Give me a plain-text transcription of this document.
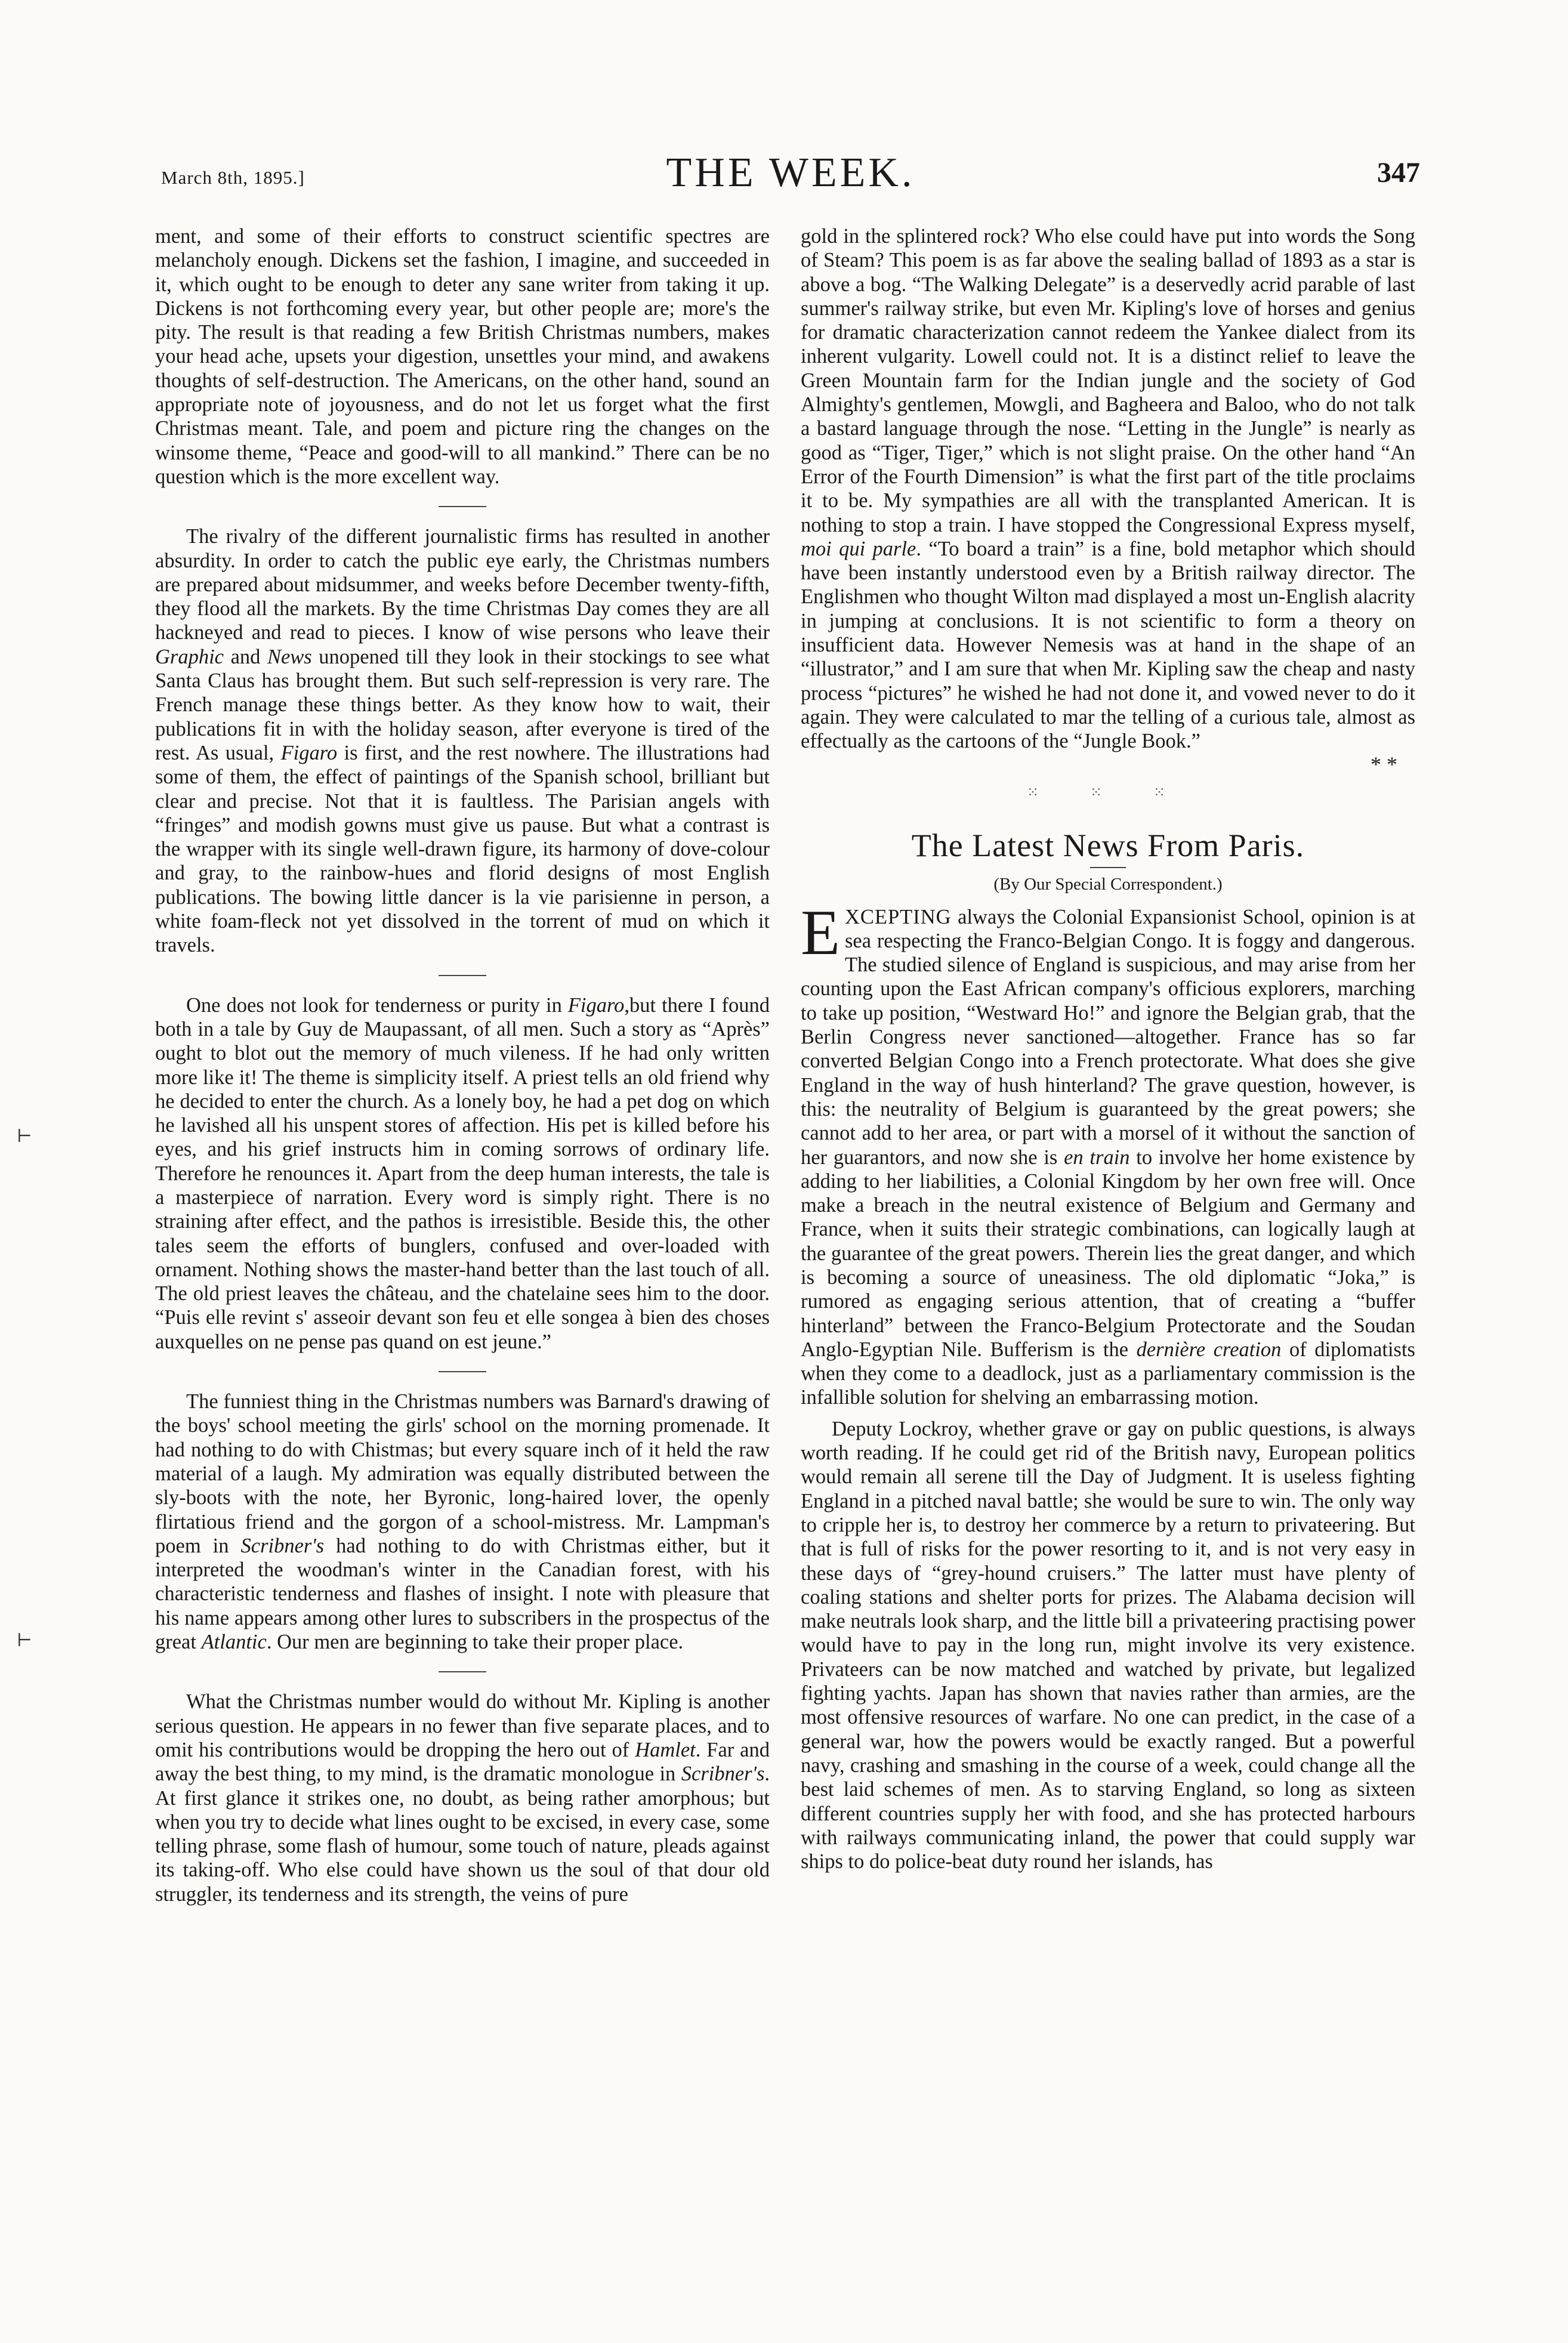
March 8th, 1895.]	THE WEEK.	347
⊢
⊢

ment, and some of their efforts to construct scientific spectres are melancholy enough. Dickens set the fashion, I imagine, and succeeded in it, which ought to be enough to deter any sane writer from taking it up. Dickens is not forthcoming every year, but other people are; more's the pity. The result is that reading a few British Christmas numbers, makes your head ache, upsets your digestion, unsettles your mind, and awakens thoughts of self-destruction. The Americans, on the other hand, sound an appropriate note of joyousness, and do not let us forget what the first Christmas meant. Tale, and poem and picture ring the changes on the winsome theme, “Peace and good-will to all mankind.” There can be no question which is the more excellent way.

The rivalry of the different journalistic firms has resulted in another absurdity. In order to catch the public eye early, the Christmas numbers are prepared about midsummer, and weeks before December twenty-fifth, they flood all the markets. By the time Christmas Day comes they are all hackneyed and read to pieces. I know of wise persons who leave their Graphic and News unopened till they look in their stockings to see what Santa Claus has brought them. But such self-repression is very rare. The French manage these things better. As they know how to wait, their publications fit in with the holiday season, after everyone is tired of the rest. As usual, Figaro is first, and the rest nowhere. The illustrations had some of them, the effect of paintings of the Spanish school, brilliant but clear and precise. Not that it is faultless. The Parisian angels with “fringes” and modish gowns must give us pause. But what a contrast is the wrapper with its single well-drawn figure, its harmony of dove-colour and gray, to the rainbow-hues and florid designs of most English publications. The bowing little dancer is la vie parisienne in person, a white foam-fleck not yet dissolved in the torrent of mud on which it travels.

One does not look for tenderness or purity in Figaro,but there I found both in a tale by Guy de Maupassant, of all men. Such a story as “Après” ought to blot out the memory of much vileness. If he had only written more like it! The theme is simplicity itself. A priest tells an old friend why he decided to enter the church. As a lonely boy, he had a pet dog on which he lavished all his unspent stores of affection. His pet is killed before his eyes, and his grief instructs him in coming sorrows of ordinary life. Therefore he renounces it. Apart from the deep human interests, the tale is a masterpiece of narration. Every word is simply right. There is no straining after effect, and the pathos is irresistible. Beside this, the other tales seem the efforts of bunglers, confused and over-loaded with ornament. Nothing shows the master-hand better than the last touch of all. The old priest leaves the château, and the chatelaine sees him to the door. “Puis elle revint s' asseoir devant son feu et elle songea à bien des choses auxquelles on ne pense pas quand on est jeune.”

The funniest thing in the Christmas numbers was Barnard's drawing of the boys' school meeting the girls' school on the morning promenade. It had nothing to do with Chistmas; but every square inch of it held the raw material of a laugh. My admiration was equally distributed between the sly-boots with the note, her Byronic, long-haired lover, the openly flirtatious friend and the gorgon of a school-mistress. Mr. Lampman's poem in Scribner's had nothing to do with Christmas either, but it interpreted the woodman's winter in the Canadian forest, with his characteristic tenderness and flashes of insight. I note with pleasure that his name appears among other lures to subscribers in the prospectus of the great Atlantic. Our men are beginning to take their proper place.

What the Christmas number would do without Mr. Kipling is another serious question. He appears in no fewer than five separate places, and to omit his contributions would be dropping the hero out of Hamlet. Far and away the best thing, to my mind, is the dramatic monologue in Scribner's. At first glance it strikes one, no doubt, as being rather amorphous; but when you try to decide what lines ought to be excised, in every case, some telling phrase, some flash of humour, some touch of nature, pleads against its taking-off. Who else could have shown us the soul of that dour old struggler, its tenderness and its strength, the veins of pure

gold in the splintered rock? Who else could have put into words the Song of Steam? This poem is as far above the sealing ballad of 1893 as a star is above a bog. “The Walking Delegate” is a deservedly acrid parable of last summer's railway strike, but even Mr. Kipling's love of horses and genius for dramatic characterization cannot redeem the Yankee dialect from its inherent vulgarity. Lowell could not. It is a distinct relief to leave the Green Mountain farm for the Indian jungle and the society of God Almighty's gentlemen, Mowgli, and Bagheera and Baloo, who do not talk a bastard language through the nose. “Letting in the Jungle” is nearly as good as “Tiger, Tiger,” which is not slight praise. On the other hand “An Error of the Fourth Dimension” is what the first part of the title proclaims it to be. My sympathies are all with the transplanted American. It is nothing to stop a train. I have stopped the Congressional Express myself, moi qui parle. “To board a train” is a fine, bold metaphor which should have been instantly understood even by a British railway director. The Englishmen who thought Wilton mad displayed a most un-English alacrity in jumping at conclusions. It is not scientific to form a theory on insufficient data. However Nemesis was at hand in the shape of an “illustrator,” and I am sure that when Mr. Kipling saw the cheap and nasty process “pictures” he wished he had not done it, and vowed never to do it again. They were calculated to mar the telling of a curious tale, almost as effectually as the cartoons of the “Jungle Book.”

* *
⁙ ⁙ ⁙
The Latest News From Paris.
(By Our Special Correspondent.)

EXCEPTING always the Colonial Expansionist School, opinion is at sea respecting the Franco-Belgian Congo. It is foggy and dangerous. The studied silence of England is suspicious, and may arise from her counting upon the East African company's officious explorers, marching to take up position, “Westward Ho!” and ignore the Belgian grab, that the Berlin Congress never sanctioned—altogether. France has so far converted Belgian Congo into a French protectorate. What does she give England in the way of hush hinterland? The grave question, however, is this: the neutrality of Belgium is guaranteed by the great powers; she cannot add to her area, or part with a morsel of it without the sanction of her guarantors, and now she is en train to involve her home existence by adding to her liabilities, a Colonial Kingdom by her own free will. Once make a breach in the neutral existence of Belgium and Germany and France, when it suits their strategic combinations, can logically laugh at the guarantee of the great powers. Therein lies the great danger, and which is becoming a source of uneasiness. The old diplomatic “Joka,” is rumored as engaging serious attention, that of creating a “buffer hinterland” between the Franco-Belgium Protectorate and the Soudan Anglo-Egyptian Nile. Bufferism is the dernière creation of diplomatists when they come to a deadlock, just as a parliamentary commission is the infallible solution for shelving an embarrassing motion.

Deputy Lockroy, whether grave or gay on public questions, is always worth reading. If he could get rid of the British navy, European politics would remain all serene till the Day of Judgment. It is useless fighting England in a pitched naval battle; she would be sure to win. The only way to cripple her is, to destroy her commerce by a return to privateering. But that is full of risks for the power resorting to it, and is not very easy in these days of “grey-hound cruisers.” The latter must have plenty of coaling stations and shelter ports for prizes. The Alabama decision will make neutrals look sharp, and the little bill a privateering practising power would have to pay in the long run, might involve its very existence. Privateers can be now matched and watched by private, but legalized fighting yachts. Japan has shown that navies rather than armies, are the most offensive resources of warfare. No one can predict, in the case of a general war, how the powers would be exactly ranged. But a powerful navy, crashing and smashing in the course of a week, could change all the best laid schemes of men. As to starving England, so long as sixteen different countries supply her with food, and she has protected harbours with railways communicating inland, the power that could supply war ships to do police-beat duty round her islands, has
